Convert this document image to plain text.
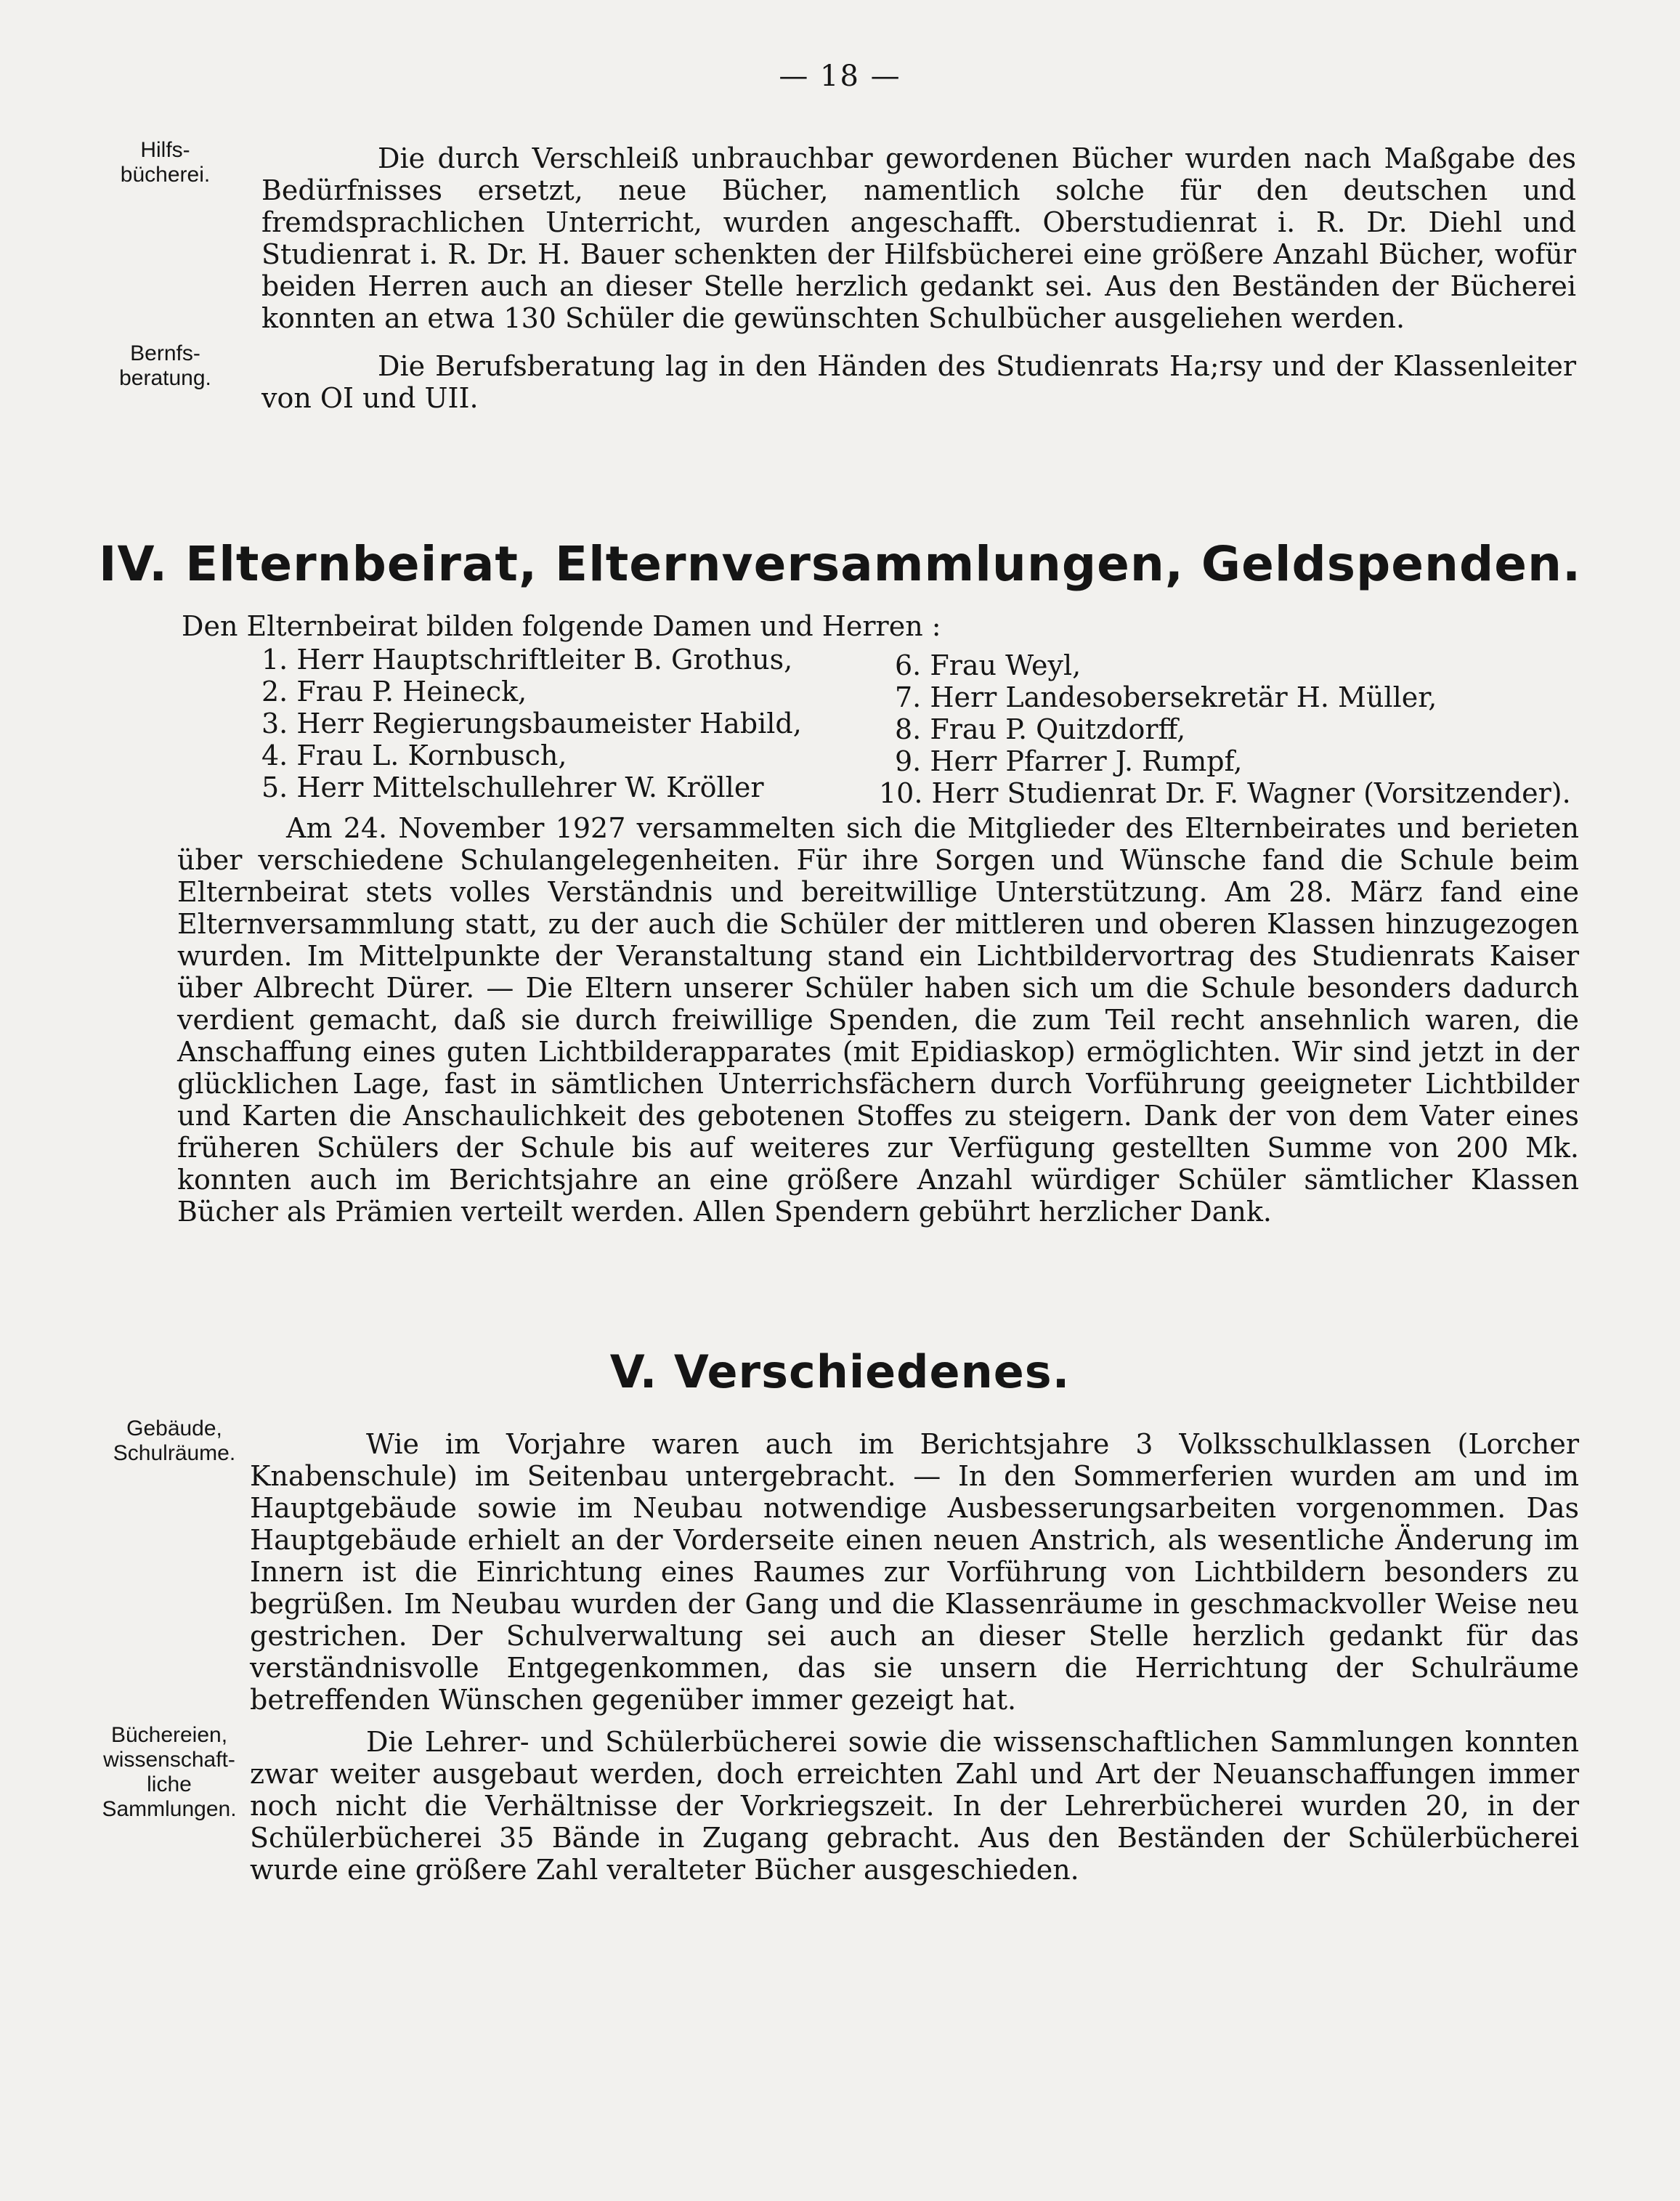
— 18 —
Hilfs-
bücherei.

Die durch Verschleiß unbrauchbar gewordenen Bücher wurden nach Maßgabe des Bedürfnisses ersetzt, neue Bücher, namentlich solche für den deutschen und fremdsprachlichen Unterricht, wurden angeschafft. Oberstudienrat i. R. Dr. Diehl und Studienrat i. R. Dr. H. Bauer schenkten der Hilfsbücherei eine größere Anzahl Bücher, wofür beiden Herren auch an dieser Stelle herzlich gedankt sei. Aus den Beständen der Bücherei konnten an etwa 130 Schüler die gewünschten Schulbücher ausgeliehen werden.

Bernfs-
beratung.	Die Berufsberatung lag in den Händen des Studienrats Ha;rsy und der Klassenleiter von OI und UII.

IV. Elternbeirat, Elternversammlungen, Geldspenden.

Den Elternbeirat bilden folgende Damen und Herren :

1. Herr Hauptschriftleiter B. Grothus,
2. Frau P. Heineck,
3. Herr Regierungsbaumeister Habild,
4. Frau L. Kornbusch,
5. Herr Mittelschullehrer W. Kröller
6. Frau Weyl,
7. Herr Landesobersekretär H. Müller,
8. Frau P. Quitzdorff,
9. Herr Pfarrer J. Rumpf,
10. Herr Studienrat Dr. F. Wagner (Vorsitzender).

Am 24. November 1927 versammelten sich die Mitglieder des Elternbeirates und berieten über verschiedene Schulangelegenheiten. Für ihre Sorgen und Wünsche fand die Schule beim Elternbeirat stets volles Verständnis und bereitwillige Unterstützung. Am 28. März fand eine Elternversammlung statt, zu der auch die Schüler der mittleren und oberen Klassen hinzugezogen wurden. Im Mittelpunkte der Veranstaltung stand ein Lichtbildervortrag des Studienrats Kaiser über Albrecht Dürer. — Die Eltern unserer Schüler haben sich um die Schule besonders dadurch verdient gemacht, daß sie durch freiwillige Spenden, die zum Teil recht ansehnlich waren, die Anschaffung eines guten Lichtbilderapparates (mit Epidiaskop) ermöglichten. Wir sind jetzt in der glücklichen Lage, fast in sämtlichen Unterrichsfächern durch Vorführung geeigneter Lichtbilder und Karten die Anschaulichkeit des gebotenen Stoffes zu steigern. Dank der von dem Vater eines früheren Schülers der Schule bis auf weiteres zur Verfügung gestellten Summe von 200 Mk. konnten auch im Berichtsjahre an eine größere Anzahl würdiger Schüler sämtlicher Klassen Bücher als Prämien verteilt werden. Allen Spendern gebührt herzlicher Dank.

V. Verschiedenes.
Gebäude,
Schulräume.	Wie im Vorjahre waren auch im Berichtsjahre 3 Volksschulklassen (Lorcher Knabenschule) im Seitenbau untergebracht. — In den Sommerferien wurden am und im Hauptgebäude sowie im Neubau notwendige Ausbesserungsarbeiten vorgenommen. Das Hauptgebäude erhielt an der Vorderseite einen neuen Anstrich, als wesentliche Änderung im Innern ist die Einrichtung eines Raumes zur Vorführung von Lichtbildern besonders zu begrüßen. Im Neubau wurden der Gang und die Klassenräume in geschmackvoller Weise neu gestrichen. Der Schulverwaltung sei auch an dieser Stelle herzlich gedankt für das verständnisvolle Entgegenkommen, das sie unsern die Herrichtung der Schulräume betreffenden Wünschen gegenüber immer gezeigt hat.

Büchereien,
wissenschaft-
liche
Sammlungen.

Die Lehrer- und Schülerbücherei sowie die wissenschaftlichen Sammlungen konnten zwar weiter ausgebaut werden, doch erreichten Zahl und Art der Neuanschaffungen immer noch nicht die Verhältnisse der Vorkriegszeit. In der Lehrerbücherei wurden 20, in der Schülerbücherei 35 Bände in Zugang gebracht. Aus den Beständen der Schülerbücherei wurde eine größere Zahl veralteter Bücher ausgeschieden.
